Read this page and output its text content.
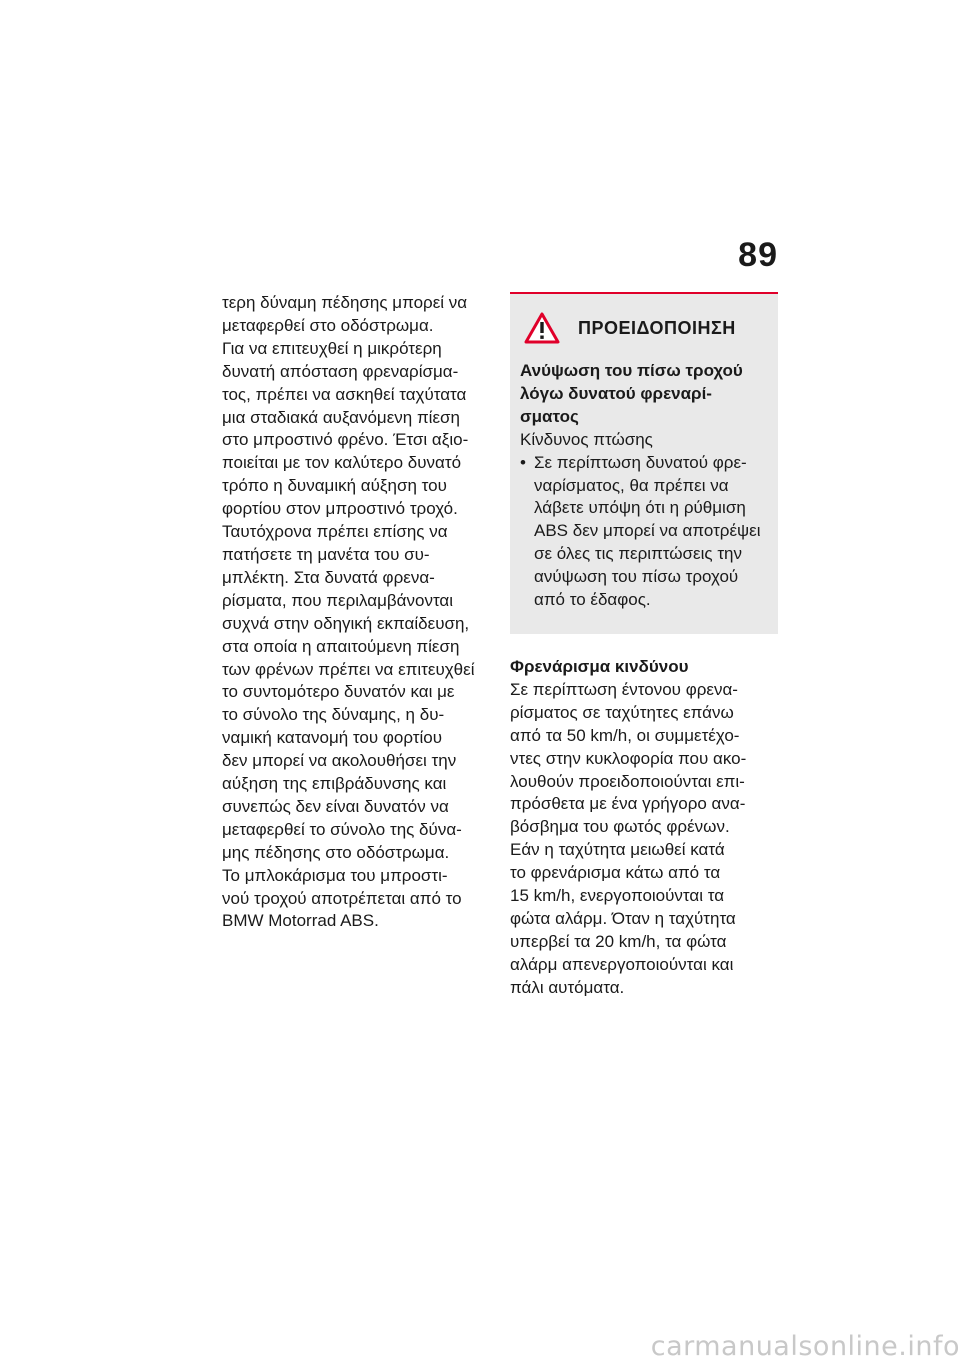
89
τερη δύναμη πέδησης μπορεί να
μεταφερθεί στο οδόστρωμα.
Για να επιτευχθεί η μικρότερη
δυνατή απόσταση φρεναρίσμα-
τος, πρέπει να ασκηθεί ταχύτατα
μια σταδιακά αυξανόμενη πίεση
στο μπροστινό φρένο. Έτσι αξιο-
ποιείται με τον καλύτερο δυνατό
τρόπο η δυναμική αύξηση του
φορτίου στον μπροστινό τροχό.
Ταυτόχρονα πρέπει επίσης να
πατήσετε τη μανέτα του συ-
μπλέκτη. Στα δυνατά φρενα-
ρίσματα, που περιλαμβάνονται
συχνά στην οδηγική εκπαίδευση,
στα οποία η απαιτούμενη πίεση
των φρένων πρέπει να επιτευχθεί
το συντομότερο δυνατόν και με
το σύνολο της δύναμης, η δυ-
ναμική κατανομή του φορτίου
δεν μπορεί να ακολουθήσει την
αύξηση της επιβράδυνσης και
συνεπώς δεν είναι δυνατόν να
μεταφερθεί το σύνολο της δύνα-
μης πέδησης στο οδόστρωμα.
Το μπλοκάρισμα του μπροστι-
νού τροχού αποτρέπεται από το
BMW Motorrad ABS.
ΠΡΟΕΙΔΟΠΟΙΗΣΗ
Ανύψωση του πίσω τροχού
λόγω δυνατού φρεναρί-
σματος
Κίνδυνος πτώσης
• Σε περίπτωση δυνατού φρε-
ναρίσματος, θα πρέπει να
λάβετε υπόψη ότι η ρύθμιση
ABS δεν μπορεί να αποτρέψει
σε όλες τις περιπτώσεις την
ανύψωση του πίσω τροχού
από το έδαφος.
Φρενάρισμα κινδύνου
Σε περίπτωση έντονου φρενα-
ρίσματος σε ταχύτητες επάνω
από τα 50 km/h, οι συμμετέχο-
ντες στην κυκλοφορία που ακο-
λουθούν προειδοποιούνται επι-
πρόσθετα με ένα γρήγορο ανα-
βόσβημα του φωτός φρένων.
Εάν η ταχύτητα μειωθεί κατά
το φρενάρισμα κάτω από τα
15 km/h, ενεργοποιούνται τα
φώτα αλάρμ. Όταν η ταχύτητα
υπερβεί τα 20 km/h, τα φώτα
αλάρμ απενεργοποιούνται και
πάλι αυτόματα.
carmanualsonline.info
